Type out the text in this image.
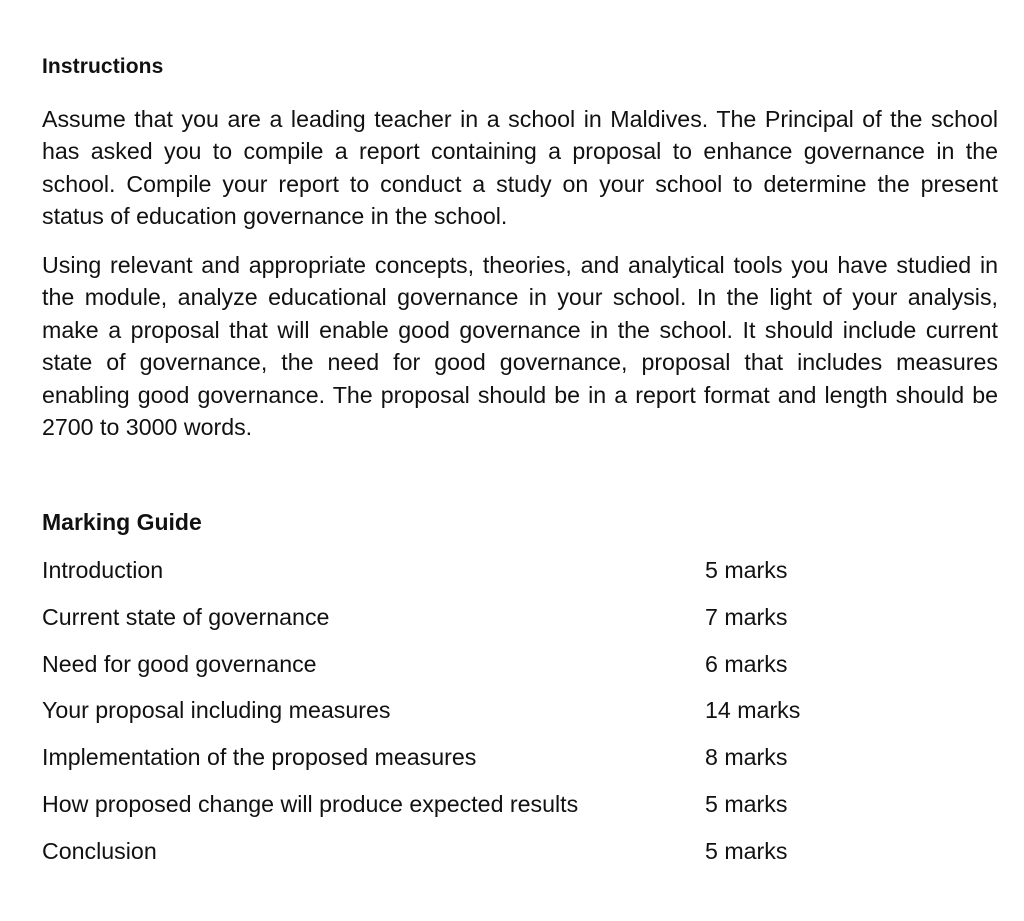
Instructions

Assume that you are a leading teacher in a school in Maldives. The Principal of the school has asked you to compile a report containing a proposal to enhance governance in the school. Compile your report to conduct a study on your school to determine the present status of education governance in the school.

Using relevant and appropriate concepts, theories, and analytical tools you have studied in the module, analyze educational governance in your school. In the light of your analysis, make a proposal that will enable good governance in the school. It should include current state of governance, the need for good governance, proposal that includes measures enabling good governance. The proposal should be in a report format and length should be 2700 to 3000 words.

Marking Guide
Introduction	5 marks
Current state of governance	7 marks
Need for good governance	6 marks
Your proposal including measures	14 marks
Implementation of the proposed measures	8 marks
How proposed change will produce expected results	5 marks
Conclusion	5 marks
